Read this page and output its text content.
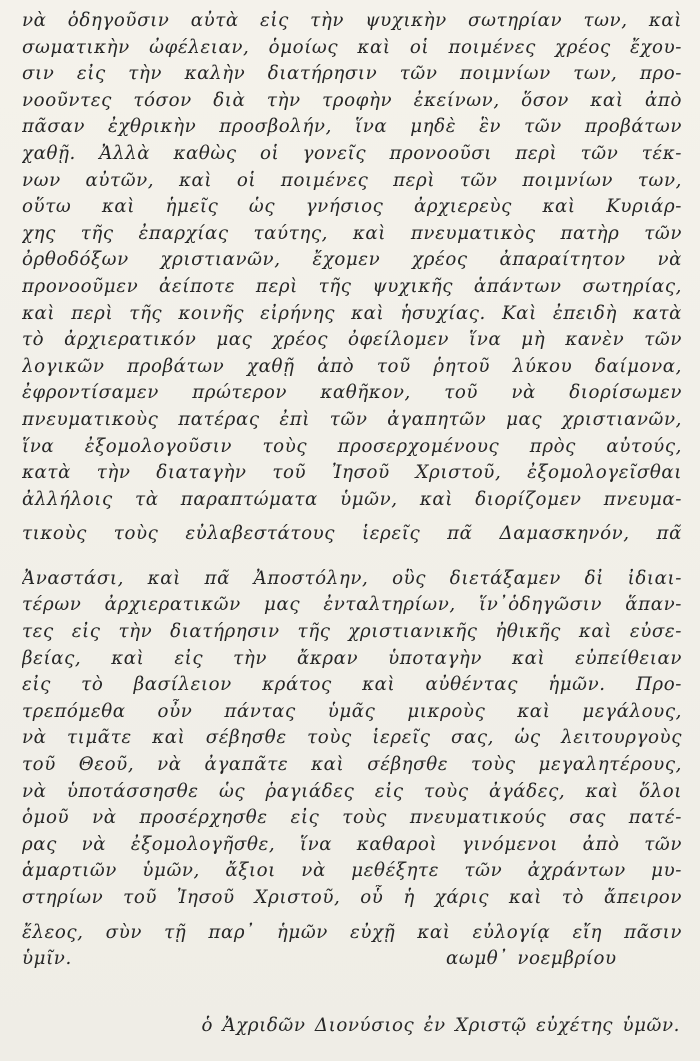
νὰ ὁδηγοῦσιν αὐτὰ εἰς τὴν ψυχικὴν σωτηρίαν των, καὶ
σωματικὴν ὠφέλειαν, ὁμοίως καὶ οἱ ποιμένες χρέος ἔχου-
σιν εἰς τὴν καλὴν διατήρησιν τῶν ποιμνίων των, προ-
νοοῦντες τόσον διὰ τὴν τροφὴν ἐκείνων, ὅσον καὶ ἀπὸ
πᾶσαν ἐχθρικὴν προσβολήν, ἵνα μηδὲ ἓν τῶν προβάτων
χαθῇ. Ἀλλὰ καθὼς οἱ γονεῖς προνοοῦσι περὶ τῶν τέκ-
νων αὐτῶν, καὶ οἱ ποιμένες περὶ τῶν ποιμνίων των,
οὕτω καὶ ἡμεῖς ὡς γνήσιος ἀρχιερεὺς καὶ Κυριάρ-
χης τῆς ἐπαρχίας ταύτης, καὶ πνευματικὸς πατὴρ τῶν
ὀρθοδόξων χριστιανῶν, ἔχομεν χρέος ἀπαραίτητον νὰ
προνοοῦμεν ἀείποτε περὶ τῆς ψυχικῆς ἁπάντων σωτηρίας,
καὶ περὶ τῆς κοινῆς εἰρήνης καὶ ἡσυχίας. Καὶ ἐπειδὴ κατὰ
τὸ ἀρχιερατικόν μας χρέος ὀφείλομεν ἵνα μὴ κανὲν τῶν
λογικῶν προβάτων χαθῇ ἀπὸ τοῦ ῥητοῦ λύκου δαίμονα,
ἐφροντίσαμεν πρώτερον καθῆκον, τοῦ νὰ διορίσωμεν
πνευματικοὺς πατέρας ἐπὶ τῶν ἀγαπητῶν μας χριστιανῶν,
ἵνα ἐξομολογοῦσιν τοὺς προσερχομένους πρὸς αὐτούς,
κατὰ τὴν διαταγὴν τοῦ Ἰησοῦ Χριστοῦ, ἐξομολογεῖσθαι
ἀλλήλοις τὰ παραπτώματα ὑμῶν, καὶ διορίζομεν πνευμα-
τικοὺς τοὺς εὐλαβεστάτους ἱερεῖς πα̃ Δαμασκηνόν, πα̃
Ἀναστάσι, καὶ πα̃ Ἀποστόλην, οὓς διετάξαμεν δἰ ἰδιαι-
τέρων ἀρχιερατικῶν μας ἐνταλτηρίων, ἵν᾽ὁδηγῶσιν ἅπαν-
τες εἰς τὴν διατήρησιν τῆς χριστιανικῆς ἠθικῆς καὶ εὐσε-
βείας, καὶ εἰς τὴν ἄκραν ὑποταγὴν καὶ εὐπείθειαν
εἰς τὸ βασίλειον κράτος καὶ αὐθέντας ἡμῶν. Προ-
τρεπόμεθα οὖν πάντας ὑμᾶς μικροὺς καὶ μεγάλους,
νὰ τιμᾶτε καὶ σέβησθε τοὺς ἱερεῖς σας, ὡς λειτουργοὺς
τοῦ Θεοῦ, νὰ ἀγαπᾶτε καὶ σέβησθε τοὺς μεγαλητέρους,
νὰ ὑποτάσσησθε ὡς ῥαγιάδες εἰς τοὺς ἀγάδες, καὶ ὅλοι
ὁμοῦ νὰ προσέρχησθε εἰς τοὺς πνευματικούς σας πατέ-
ρας νὰ ἐξομολογῆσθε, ἵνα καθαροὶ γινόμενοι ἀπὸ τῶν
ἁμαρτιῶν ὑμῶν, ἄξιοι νὰ μεθέξητε τῶν ἀχράντων μυ-
στηρίων τοῦ Ἰησοῦ Χριστοῦ, οὗ ἡ χάρις καὶ τὸ ἄπειρον
ἔλεος, σὺν τῇ παρ᾽ ἡμῶν εὐχῇ καὶ εὐλογίᾳ εἴη πᾶσιν
ὑμῖν.	αωμθ᾽ νοεμβρίου
ὁ Ἀχριδῶν Διονύσιος ἐν Χριστῷ εὐχέτης ὑμῶν.
